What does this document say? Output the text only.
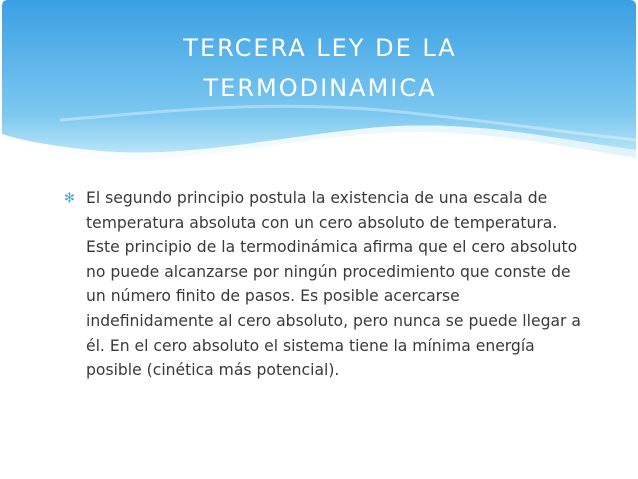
TERCERA LEY DE LA
TERMODINAMICA
✻ El segundo principio postula la existencia de una escala de temperatura absoluta con un cero absoluto de temperatura. Este principio de la termodinámica afirma que el cero absoluto no puede alcanzarse por ningún procedimiento que conste de un número finito de pasos. Es posible acercarse indefinidamente al cero absoluto, pero nunca se puede llegar a él. En el cero absoluto el sistema tiene la mínima energía posible (cinética más potencial).
